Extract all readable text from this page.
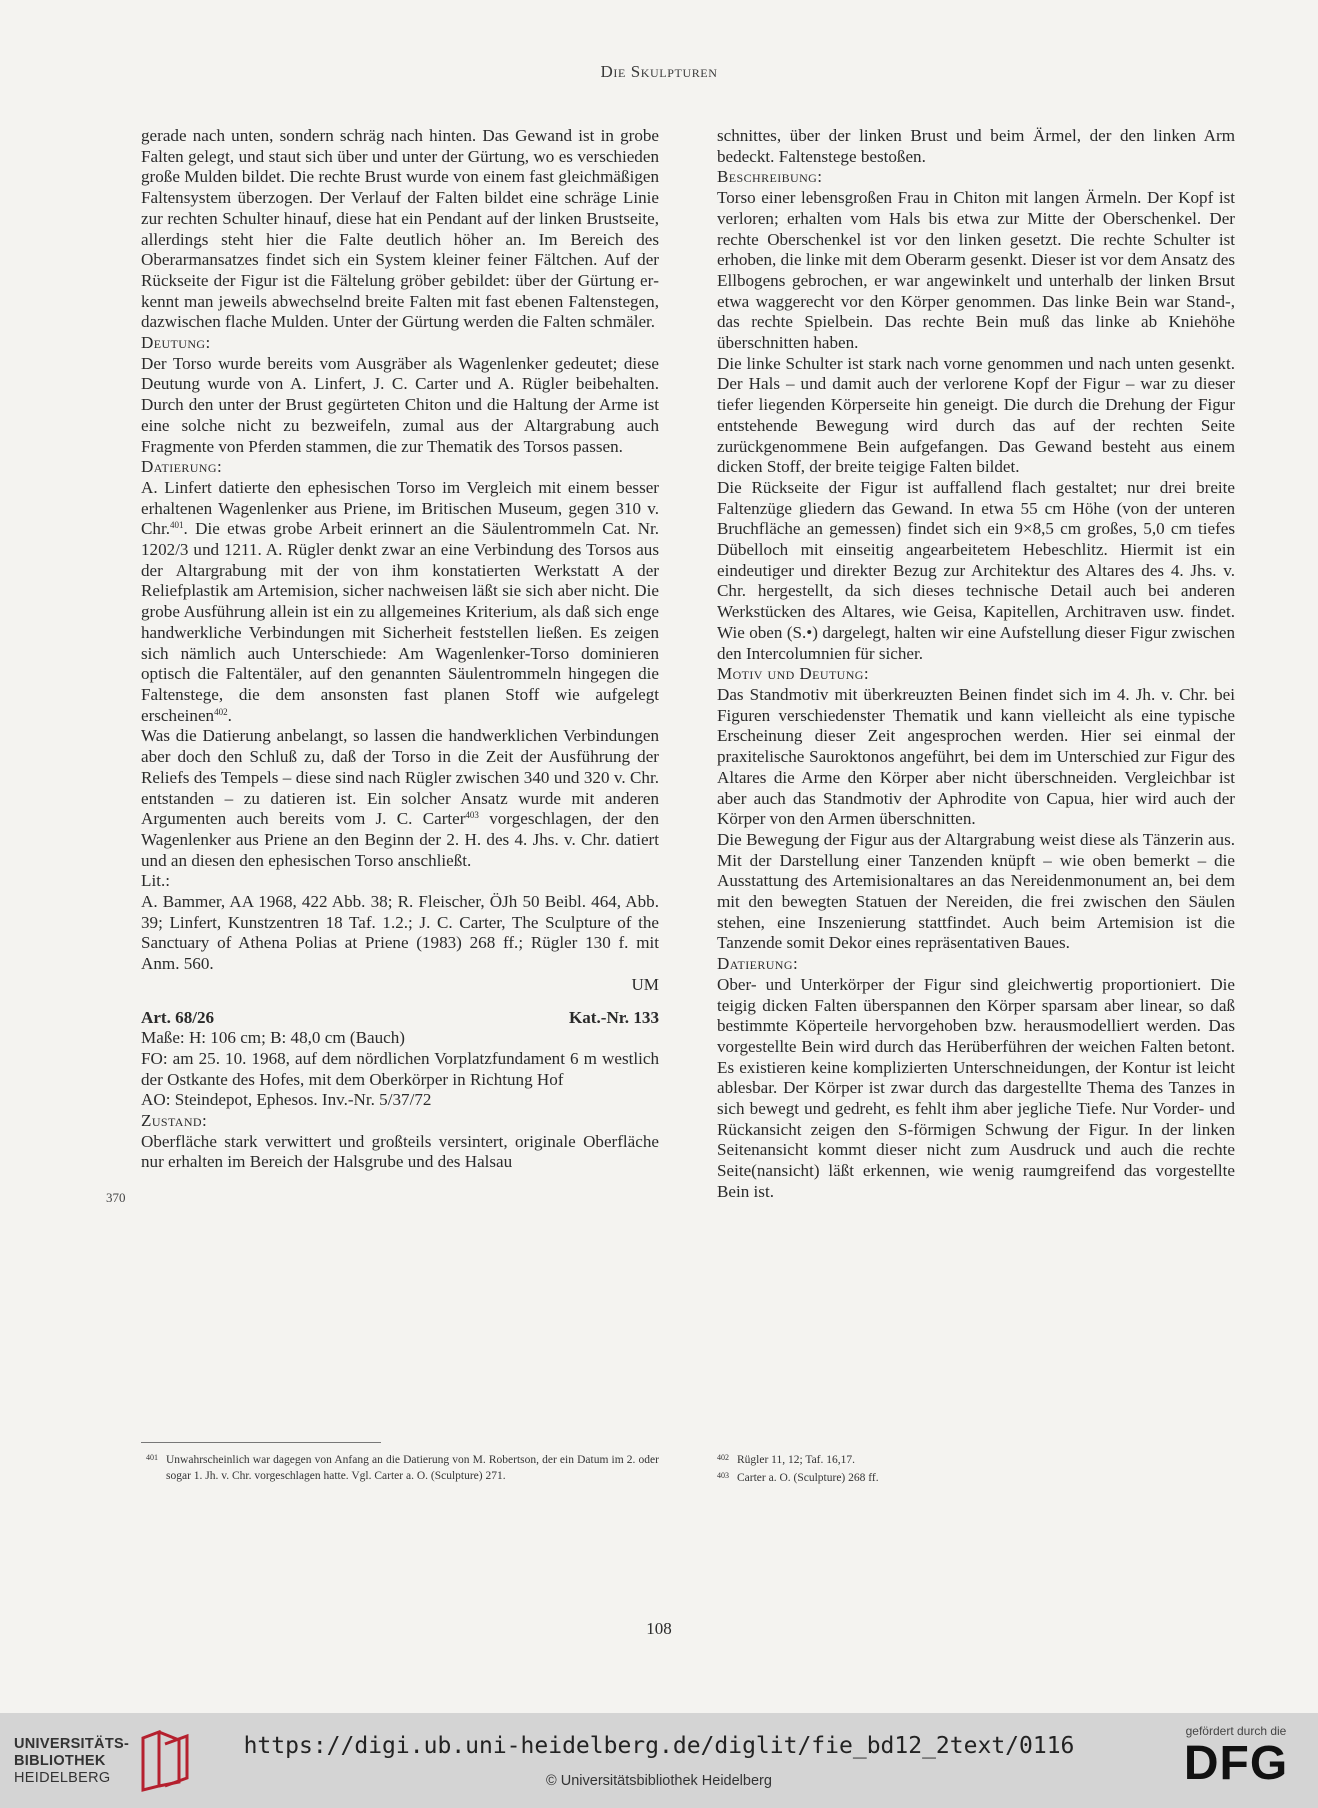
Die Skulpturen

gerade nach unten, sondern schräg nach hinten. Das Gewand ist in grobe Falten gelegt, und staut sich über und unter der Gürtung, wo es verschieden große Mulden bildet. Die rechte Brust wurde von einem fast gleichmäßigen Faltensystem überzogen. Der Verlauf der Falten bildet eine schräge Linie zur rechten Schulter hinauf, diese hat ein Pendant auf der linken Brustseite, allerdings steht hier die Falte deutlich höher an. Im Bereich des Oberarmansatzes findet sich ein System kleiner feiner Fältchen. Auf der Rückseite der Figur ist die Fältelung gröber gebildet: über der Gürtung erkennt man jeweils abwechselnd breite Falten mit fast ebenen Faltenstegen, dazwischen flache Mulden. Unter der Gürtung werden die Falten schmäler.

Deutung:

Der Torso wurde bereits vom Ausgräber als Wagenlenker gedeutet; diese Deutung wurde von A. Linfert, J. C. Carter und A. Rügler beibehalten. Durch den unter der Brust gegürteten Chiton und die Haltung der Arme ist eine solche nicht zu bezweifeln, zumal aus der Altargrabung auch Fragmente von Pferden stammen, die zur Thematik des Torsos passen.

Datierung:

A. Linfert datierte den ephesischen Torso im Vergleich mit einem besser erhaltenen Wagenlenker aus Priene, im Britischen Museum, gegen 310 v. Chr.$^{401}$. Die etwas grobe Arbeit erinnert an die Säulentrommeln Cat. Nr. 1202/3 und 1211. A. Rügler denkt zwar an eine Verbindung des Torsos aus der Altargrabung mit der von ihm konstatierten Werkstatt A der Reliefplastik am Artemision, sicher nachweisen läßt sie sich aber nicht. Die grobe Ausführung allein ist ein zu allgemeines Kriterium, als daß sich enge handwerkliche Verbindungen mit Sicherheit feststellen ließen. Es zeigen sich nämlich auch Unterschiede: Am Wagenlenker-Torso dominieren optisch die Faltentäler, auf den genannten Säulentrommeln hingegen die Faltenstege, die dem ansonsten fast planen Stoff wie aufgelegt erscheinen$^{402}$.

Was die Datierung anbelangt, so lassen die handwerklichen Verbindungen aber doch den Schluß zu, daß der Torso in die Zeit der Ausführung der Reliefs des Tempels – diese sind nach Rügler zwischen 340 und 320 v. Chr. entstanden – zu datieren ist. Ein solcher Ansatz wurde mit anderen Argumenten auch bereits vom J. C. Carter$^{403}$ vorgeschlagen, der den Wagenlenker aus Priene an den Beginn der 2. H. des 4. Jhs. v. Chr. datiert und an diesen den ephesischen Torso anschließt.

Lit.:

A. Bammer, AA 1968, 422 Abb. 38; R. Fleischer, ÖJh 50 Beibl. 464, Abb. 39; Linfert, Kunstzentren 18 Taf. 1.2.; J. C. Carter, The Sculpture of the Sanctuary of Athena Polias at Priene (1983) 268 ff.; Rügler 130 f. mit Anm. 560.

UM
Art. 68/26	Kat.-Nr. 133

Maße: H: 106 cm; B: 48,0 cm (Bauch)

FO: am 25. 10. 1968, auf dem nördlichen Vorplatzfundament 6 m westlich der Ostkante des Hofes, mit dem Oberkörper in Richtung Hof

AO: Steindepot, Ephesos. Inv.-Nr. 5/37/72

Zustand:

Oberfläche stark verwittert und großteils versintert, originale Oberfläche nur erhalten im Bereich der Halsgrube und des Halsau

370

schnittes, über der linken Brust und beim Ärmel, der den linken Arm bedeckt. Faltenstege bestoßen.

Beschreibung:

Torso einer lebensgroßen Frau in Chiton mit langen Ärmeln. Der Kopf ist verloren; erhalten vom Hals bis etwa zur Mitte der Oberschenkel. Der rechte Oberschenkel ist vor den linken gesetzt. Die rechte Schulter ist erhoben, die linke mit dem Oberarm gesenkt. Dieser ist vor dem Ansatz des Ellbogens gebrochen, er war angewinkelt und unterhalb der linken Brsut etwa waggerecht vor den Körper genommen. Das linke Bein war Stand-, das rechte Spielbein. Das rechte Bein muß das linke ab Kniehöhe überschnitten haben.

Die linke Schulter ist stark nach vorne genommen und nach unten gesenkt. Der Hals – und damit auch der verlorene Kopf der Figur – war zu dieser tiefer liegenden Körperseite hin geneigt. Die durch die Drehung der Figur entstehende Bewegung wird durch das auf der rechten Seite zurückgenommene Bein aufgefangen. Das Gewand besteht aus einem dicken Stoff, der breite teigige Falten bildet.

Die Rückseite der Figur ist auffallend flach gestaltet; nur drei breite Faltenzüge gliedern das Gewand. In etwa 55 cm Höhe (von der unteren Bruchfläche an gemessen) findet sich ein 9×8,5 cm großes, 5,0 cm tiefes Dübelloch mit einseitig angearbeitetem Hebeschlitz. Hiermit ist ein eindeutiger und direkter Bezug zur Architektur des Altares des 4. Jhs. v. Chr. hergestellt, da sich dieses technische Detail auch bei anderen Werkstücken des Altares, wie Geisa, Kapitellen, Architraven usw. findet. Wie oben (S.•) dargelegt, halten wir eine Aufstellung dieser Figur zwischen den Intercolumnien für sicher.

Motiv und Deutung:

Das Standmotiv mit überkreuzten Beinen findet sich im 4. Jh. v. Chr. bei Figuren verschiedenster Thematik und kann vielleicht als eine typische Erscheinung dieser Zeit angesprochen werden. Hier sei einmal der praxitelische Sauroktonos angeführt, bei dem im Unterschied zur Figur des Altares die Arme den Körper aber nicht überschneiden. Vergleichbar ist aber auch das Standmotiv der Aphrodite von Capua, hier wird auch der Körper von den Armen überschnitten.

Die Bewegung der Figur aus der Altargrabung weist diese als Tänzerin aus. Mit der Darstellung einer Tanzenden knüpft – wie oben bemerkt – die Ausstattung des Artemisionaltares an das Nereidenmonument an, bei dem mit den bewegten Statuen der Nereiden, die frei zwischen den Säulen stehen, eine Inszenierung stattfindet. Auch beim Artemision ist die Tanzende somit Dekor eines repräsentativen Baues.

Datierung:

Ober- und Unterkörper der Figur sind gleichwertig proportioniert. Die teigig dicken Falten überspannen den Körper sparsam aber linear, so daß bestimmte Köperteile hervorgehoben bzw. herausmodelliert werden. Das vorgestellte Bein wird durch das Herüberführen der weichen Falten betont. Es existieren keine komplizierten Unterschneidungen, der Kontur ist leicht ablesbar. Der Körper ist zwar durch das dargestellte Thema des Tanzes in sich bewegt und gedreht, es fehlt ihm aber jegliche Tiefe. Nur Vorder- und Rückansicht zeigen den S-förmigen Schwung der Figur. In der linken Seitenansicht kommt dieser nicht zum Ausdruck und auch die rechte Seite(nansicht) läßt erkennen, wie wenig raumgreifend das vorgestellte Bein ist.

401 Unwahrscheinlich war dagegen von Anfang an die Datierung von M. Robertson, der ein Datum im 2. oder sogar 1. Jh. v. Chr. vorgeschlagen hatte. Vgl. Carter a. O. (Sculpture) 271.

402 Rügler 11, 12; Taf. 16,17.

403 Carter a. O. (Sculpture) 268 ff.

108
UNIVERSITÄTS-
BIBLIOTHEK
HEIDELBERG
https://digi.ub.uni-heidelberg.de/diglit/fie_bd12_2text/0116
© Universitätsbibliothek Heidelberg
gefördert durch die
DFG
